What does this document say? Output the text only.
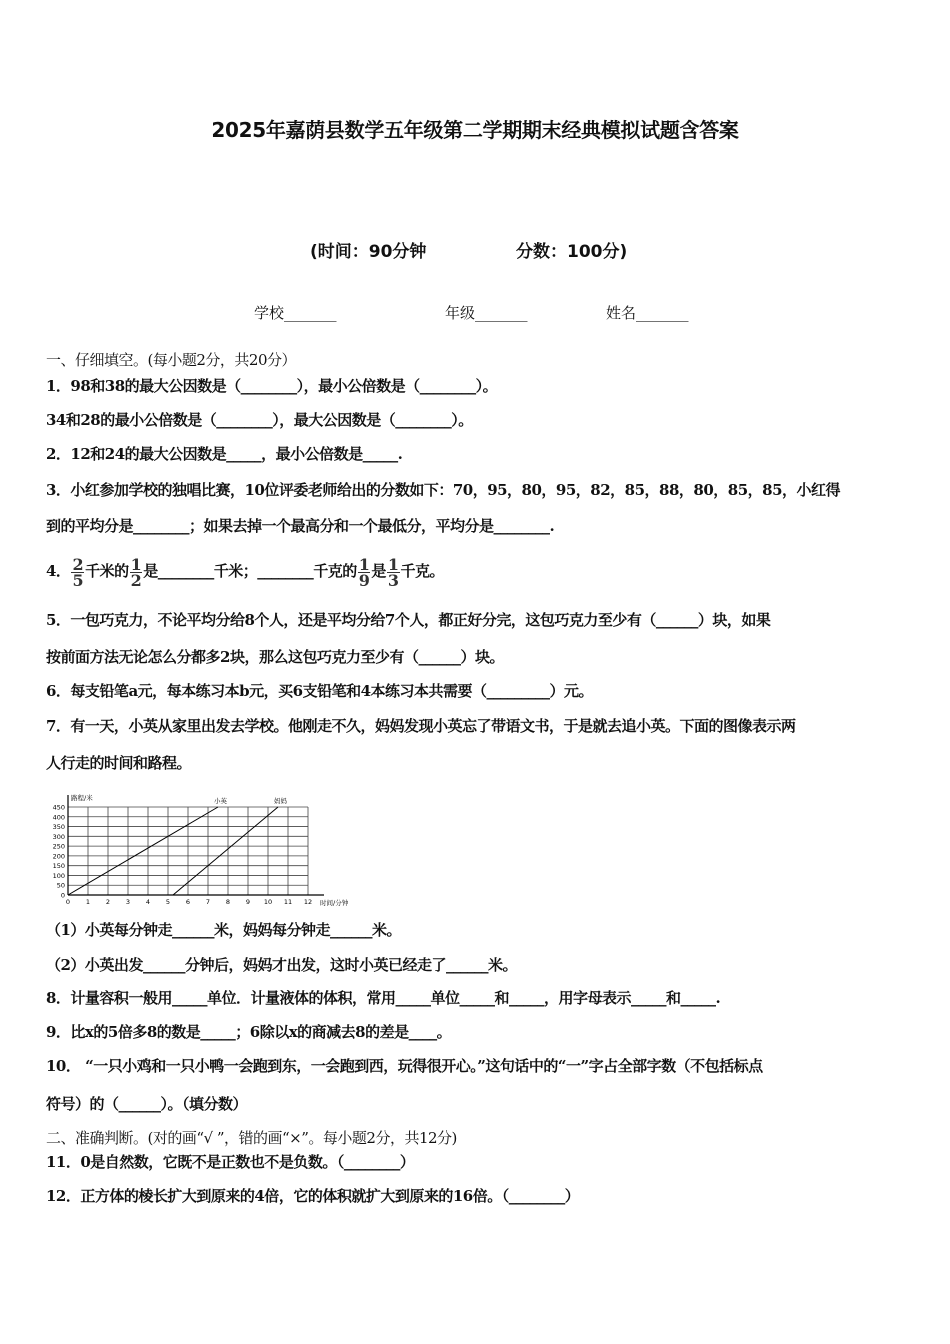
2025年嘉荫县数学五年级第二学期期末经典模拟试题含答案
(时间：90分钟	分数：100分)
学校_______	年级_______	姓名_______
一、仔细填空。(每小题2分，共20分）
1．98和38的最大公因数是（________），最小公倍数是（________）。
34和28的最小公倍数是（________），最大公因数是（________）。
2．12和24的最大公因数是_____，最小公倍数是_____.
3．小红参加学校的独唱比赛，10位评委老师给出的分数如下：70，95，80，95，82，85，88，80，85，85，小红得
到的平均分是________；如果去掉一个最高分和一个最低分，平均分是________.
4． $\frac{2}{5}$ 千米的 $\frac{1}{2}$ 是________千米；________千克的 $\frac{1}{9}$ 是 $\frac{1}{3}$ 千克。
5．一包巧克力，不论平均分给8个人，还是平均分给7个人，都正好分完，这包巧克力至少有（______）块，如果
按前面方法无论怎么分都多2块，那么这包巧克力至少有（______）块。
6．每支铅笔a元，每本练习本b元，买6支铅笔和4本练习本共需要（_________）元。
7．有一天，小英从家里出发去学校。他刚走不久，妈妈发现小英忘了带语文书，于是就去追小英。下面的图像表示两
人行走的时间和路程。
0
50
100
150
200
250
300
350
400
450
0 1 2 3 4 5 6 7 8 9 10 11 12
路程/米
时间/分钟
小英	妈妈
（1）小英每分钟走______米，妈妈每分钟走______米。
（2）小英出发______分钟后，妈妈才出发，这时小英已经走了______米。
8．计量容积一般用_____单位．计量液体的体积，常用_____单位_____和_____，用字母表示_____和_____.
9．比x的5倍多8的数是_____；6除以x的商减去8的差是____。
10． “一只小鸡和一只小鸭一会跑到东，一会跑到西，玩得很开心。”这句话中的“一”字占全部字数（不包括标点
符号）的（______）。（填分数）
二、准确判断。(对的画“√ ”，错的画“×”。每小题2分，共12分)
11．0是自然数，它既不是正数也不是负数。（________）
12．正方体的棱长扩大到原来的4倍，它的体积就扩大到原来的16倍。（________）
